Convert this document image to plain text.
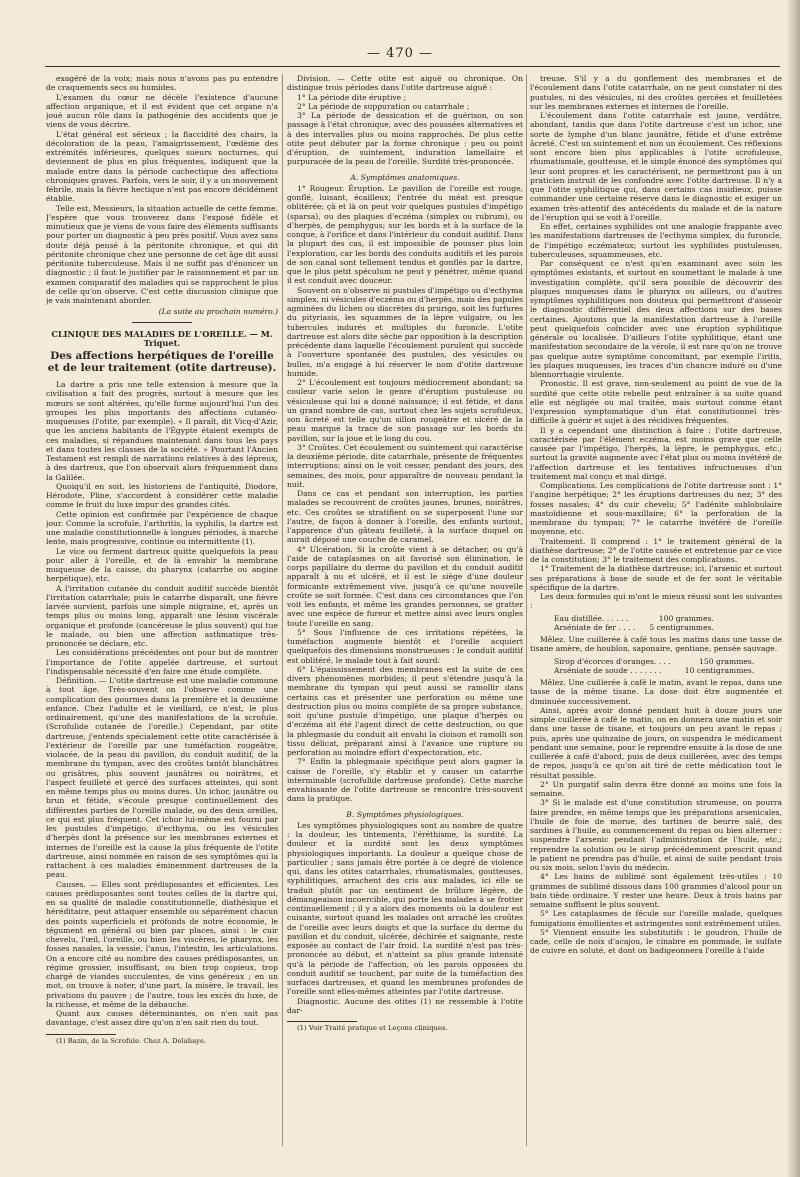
— 470 —

exagéré de la voix; mais nous n'avons pas pu entendre de craquements secs ou humides.

L'examen du cœur ne décèle l'existence d'aucune affection organique, et il est évident que cet organe n'a joué aucun rôle dans la pathogénie des accidents que je viens de vous décrire.

L'état général est sérieux ; la flaccidité des chairs, la décoloration de la peau, l'amaigrissement, l'œdème des extrémités inférieures, quelques sueurs nocturnes, qui deviennent de plus en plus fréquentes, indiquent que la malade entre dans la période cachectique des affections chroniques graves. Parfois, vers le soir, il y a un mouvement fébrile, mais la fièvre hectique n'est pas encore décidément établie.

Telle est, Messieurs, la situation actuelle de cette femme. J'espère que vous trouverez dans l'exposé fidèle et minutieux que je viens de vous faire des éléments suffisants pour porter un diagnostic à peu près positif. Vous avez sans doute déjà pensé à la péritonite chronique, et qui dit péritonite chronique chez une personne de cet âge dit aussi péritonite tuberculeuse. Mais il ne suffit pas d'énoncer un diagnostic ; il faut le justifier par le raisonnement et par un examen comparatif des maladies qui se rapprochent le plus de celle qu'on observe. C'est cette discussion clinique que je vais maintenant aborder.

(La suite au prochain numéro.)
CLINIQUE DES MALADIES DE L'OREILLE. — M. Triquet.
Des affections herpétiques de l'oreille et de leur traitement (otite dartreuse).

La dartre a pris une telle extension à mesure que la civilisation a fait des progrès, surtout à mesure que les mœurs se sont altérées, qu'elle forme aujourd'hui l'un des groupes les plus importants des affections cutanéo-muqueuses (l'otite, par exemple). « Il paraît, dit Vicq-d'Azir, que les anciens habitants de l'Égypte étaient exempts de ces maladies, si répandues maintenant dans tous les pays et dans toutes les classes de la société. » Pourtant l'Ancien Testament est rempli de narrations relatives à des lépreux, à des dartreux, que l'on observait alors fréquemment dans la Galilée.

Quoiqu'il en soit, les historiens de l'antiquité, Diodore, Hérodote, Pline, s'accordent à considérer cette maladie comme le fruit du luxe impur des grandes cités.

Cette opinion est confirmée par l'expérience de chaque jour. Comme la scrofule, l'arthritis, la syphilis, la dartre est une maladie constitutionnelle à longues périodes, à marche lente, mais progressive, continue ou intermittente (1).

Le vice ou ferment dartreux quitte quelquefois la peau pour aller à l'oreille, et de là envahir la membrane muqueuse de la caisse, du pharynx (catarrhe ou angine herpétique), etc.

A l'irritation cutanée du conduit auditif succède bientôt l'irritation catarrhale; puis le catarrhe disparaît, une fièvre larvée survient, parfois une simple migraine, et, après un temps plus ou moins long, apparaît une lésion viscérale organique et profonde (cancéreuse le plus souvent) qui tue le malade, ou bien une affection asthmatique très-prononcée se déclare, etc.

Les considérations précédentes ont pour but de montrer l'importance de l'otite appelée dartreuse, et surtout l'indispensable nécessité d'en faire une étude complète.

Définition. — L'otite dartreuse est une maladie commune à tout âge. Très-souvent on l'observe comme une complication des gourmes dans la première et la deuxième enfance. Chez l'adulte et le vieillard, ce n'est, le plus ordinairement, qu'une des manifestations de la scrofule. (Scrofulide cutanée de l'oreille.) Cependant, par otite dartreuse, j'entends spécialement cette otite caractérisée à l'extérieur de l'oreille par une tuméfaction rougeâtre, violacée, de la peau du pavillon, du conduit auditif, de la membrane du tympan, avec des croûtes tantôt blanchâtres ou grisâtres, plus souvent jaunâtres ou noirâtres, et l'aspect feuilleté et gercé des surfaces atteintes, qui sont en même temps plus ou moins dures. Un ichor, jaunâtre ou brun et fétide, s'écoule presque continuellement des différentes parties de l'oreille malade, ou des deux oreilles, ce qui est plus fréquent. Cet ichor lui-même est fourni par les pustules d'impétigo, d'ecthyma, ou les vésicules d'herpès dont la présence sur les membranes externes et internes de l'oreille est la cause la plus fréquente de l'otite dartreuse, ainsi nommée en raison de ses symptômes qui la rattachent à ces maladies éminemment dartreuses de la peau.

Causes. — Elles sont prédisposantes et efficientes. Les causes prédisposantes sont toutes celles de la dartre qui, en sa qualité de maladie constitutionnelle, diathésique et héréditaire, peut attaquer ensemble ou séparément chacun des points superficiels et profonds de notre économie, le tégument en général ou bien par places, ainsi : le cuir chevelu, l'œil, l'oreille, ou bien les viscères, le pharynx, les fosses nasales, la vessie, l'anus, l'intestin, les articulations. On a encore cité au nombre des causes prédisposantes, un régime grossier, insuffisant, ou bien trop copieux, trop chargé de viandes succulentes, de vins généreux ; en un mot, on trouve à noter, d'une part, la misère, le travail, les privations du pauvre ; de l'autre, tous les excès du luxe, de la richesse, et même de la débauche.

Quant aux causes déterminantes, on n'en sait pas davantage, c'est assez dire qu'on n'en sait rien du tout.

(1) Bazin, de la Scrofule. Chez A. Delahaye.

Division. — Cette otite est aiguë ou chronique. On distingue trois périodes dans l'otite dartreuse aiguë :

1° La période dite éruptive ;

2° La période de suppuration ou catarrhale ;

3° La période de dessication et de guérison, ou son passage à l'état chronique, avec des poussées alternatives et à des intervalles plus ou moins rapprochés. De plus cette otite peut débuter par la forme chronique : peu ou point d'éruption, de suintement, induration lamellaire et purpuracée de la peau de l'oreille. Surdité très-prononcée.

A. Symptômes anatomiques.

1° Rougeur. Éruption. Le pavillon de l'oreille est rouge, gonflé, luisant, écailleux; l'entrée du méat est presque oblitérée; çà et là on peut voir quelques pustules d'impétigo (sparsa), ou des plaques d'eczéma (simplex ou rubrum), ou d'herpès, de pemphygus; sur les bords et à la surface de la conque, à l'orifice et dans l'intérieur du conduit auditif. Dans la plupart des cas, il est impossible de pousser plus loin l'exploration, car les bords des conduits auditifs et les parois de son canal sont tellement tendus et gonflés par la dartre, que le plus petit spéculum ne peut y pénétrer, même quand il est conduit avec douceur.

Souvent on n'observe ni pustules d'impétigo ou d'ecthyma simplex, ni vésicules d'eczéma ou d'herpès, mais des papules agminées du lichen ou discrètes du prurigo, soit les furfures du pityriasis, les squammes de la lèpre vulgaire, ou les tubercules indurés et multiples du furoncle. L'otite dartreuse est alors dite sèche par opposition à la description précédente dans laquelle l'écoulement purulent qui succède à l'ouverture spontanée des pustules, des vésicules ou bulles, m'a engagé à lui réserver le nom d'otite dartreuse humide.

2° L'écoulement est toujours médiocrement abondant; sa couleur varie selon le genre d'éruption pustuleuse ou vésiculeuse qui lui a donné naissance; il est fétide, et dans un grand nombre de cas, surtout chez les sujets scrofuleux, son âcreté est telle qu'un sillon rougeâtre et ulcéré de la peau marque la trace de son passage sur les bords du pavillon, sur la joue et le long du cou.

3° Croûtes. Cet écoulement ou suintement qui caractérise la deuxième période, dite catarrhale, présente de fréquentes interruptions; ainsi on le voit cesser, pendant des jours, des semaines, des mois, pour apparaître de nouveau pendant la nuit.

Dans ce cas et pendant son interruption, les parties malades se recouvrent de croûtes jaunes, brunes, noirâtres, etc. Ces croûtes se stratifient ou se superposent l'une sur l'autre, de façon à donner à l'oreille, des enfants surtout, l'apparence d'un gâteau feuilleté, à la surface duquel on aurait déposé une couche de caramel.

4° Ulcération. Si la croûte vient à se détacher, ou qu'à l'aide de cataplasmes on ait favorisé son élimination, le corps papillaire du derme du pavillon et du conduit auditif apparaît à nu et ulcéré, et il est le siège d'une douleur formicante extrêmement vive, jusqu'à ce qu'une nouvelle croûte se soit formée. C'est dans ces circonstances que l'on voit les enfants, et même les grandes personnes, se gratter avec une espèce de fureur et mettre ainsi avec leurs ongles toute l'oreille en sang.

5° Sous l'influence de ces irritations répétées, la tuméfaction augmente bientôt et l'oreille acquiert quelquefois des dimensions monstrueuses : le conduit auditif est oblitéré, le malade tout à fait sourd.

6° L'épaississement des membranes est la suite de ces divers phénomènes morbides; il peut s'étendre jusqu'à la membrane du tympan qui peut aussi se ramollir dans certains cas et présenter une perforation ou même une destruction plus ou moins complète de sa propre substance, soit qu'une pustule d'impétigo, une plaque d'herpès ou d'eczéma ait été l'agent direct de cette destruction, ou que la phlegmasie du conduit ait envahi la cloison et ramolli son tissu délicat, préparant ainsi à l'avance une rupture ou perforation au moindre effort d'expectoration, etc.

7° Enfin la phlegmasie spécifique peut alors gagner la caisse de l'oreille, s'y établir et y causer un catarrhe interminable (scrofulide dartreuse profonde). Cette marche envahissante de l'otite dartreuse se rencontre très-souvent dans la pratique.

B. Symptômes physiologiques.

Les symptômes physiologiques sont au nombre de quatre : la douleur, les tintements, l'éréthisme, la surdité. La douleur et la surdité sont les deux symptômes physiologiques importants. La douleur a quelque chose de particulier ; sans jamais être portée à ce degré de violence qui, dans les otites catarrhales, rhumatismales, goutteuses, syphilitiques, arrachent des cris aux malades, ici elle se traduit plutôt par un sentiment de brûlure légère, de démangeaison incoercible, qui porte les malades à se frotter continuellement ; il y a alors des moments où la douleur est cuisante, surtout quand les malades ont arraché les croûtes de l'oreille avec leurs doigts et que la surface du derme du pavillon et du conduit, ulcérée, déchirée et saignante, reste exposée au contact de l'air froid. La surdité n'est pas très-prononcée au début, et n'atteint sa plus grande intensité qu'à la période de l'affection, où les parois opposées du conduit auditif se touchent, par suite de la tuméfaction des surfaces dartreuses, et quand les membranes profondes de l'oreille sont elles-mêmes atteintes par l'otite dartreuse.

Diagnostic. Aucune des otites (1) ne ressemble à l'otite dar-

(1) Voir Traité pratique et Leçons cliniques.

treuse. S'il y a du gonflement des membranes et de l'écoulement dans l'otite catarrhale, on ne peut constater ni des pustules, ni des vésicules, ni des croûtes gercées et feuilletées sur les membranes externes et internes de l'oreille.

L'écoulement dans l'otite catarrhale est jaune, verdâtre, abondant, tandis que dans l'otite dartreuse c'est un ichor, une sorte de lymphe d'un blanc jaunâtre, fétide et d'une extrême âcreté. C'est un suintement et non un écoulement. Ces réflexions sont encore bien plus applicables à l'otite scrofuleuse, rhumatismale, goutteuse, et le simple énoncé des symptômes qui leur sont propres et les caractérisent, ne permettront pas à un praticien instruit de les confondre avec l'otite dartreuse. Il n'y a que l'otite syphilitique qui, dans certains cas insidieux, puisse commander une certaine réserve dans le diagnostic et exiger un examen très-attentif des antécédents du malade et de la nature de l'éruption qui se voit à l'oreille.

En effet, certaines syphilides ont une analogie frappante avec les manifestations dartreuses de l'ecthyma simplex, du furoncle, de l'impétigo eczémateux; surtout les syphilides pustuleuses, tuberculeuses, squammeuses, etc.

Par conséquent ce n'est qu'en examinant avec soin les symptômes existants, et surtout en soumettant le malade à une investigation complète, qu'il sera possible de découvrir des plaques muqueuses dans le pharynx ou ailleurs, ou d'autres symptômes syphilitiques non douteux qui permettront d'asseoir le diagnostic différentiel des deux affections sur des bases certaines. Ajoutons que la manifestation dartreuse à l'oreille peut quelquefois coïncider avec une éruption syphilitique générale ou localisée. D'ailleurs l'otite syphilitique, étant une manifestation secondaire de la vérole, il est rare qu'on ne trouve pas quelque autre symptôme concomitant, par exemple l'iritis, les plaques muqueuses, les traces d'un chancre induré ou d'une blennorrhagie virulente.

Pronostic. Il est grave, non-seulement au point de vue de la surdité que cette otite rebelle peut entraîner à sa suite quand elle est négligée ou mal traitée, mais surtout comme étant l'expression symptomatique d'un état constitutionnel très-difficile à guérir et sujet à des récidives fréquentes.

Il y a cependant une distinction à faire : l'otite dartreuse, caractérisée par l'élément eczéma, est moins grave que celle causée par l'impétigo, l'herpès, la lèpre, le pemphygus, etc.; surtout la gravité augmente avec l'état plus ou moins invétéré de l'affection dartreuse et les tentatives infructueuses d'un traitement mal conçu et mal dirigé.

Complications. Les complications de l'otite dartreuse sont : 1° l'angine herpétique; 2° les éruptions dartreuses du nez; 3° des fosses nasales; 4° du cuir chevelu; 5° l'adénite sublobulaire mastoïdienne et sous-maxillaire; 6° la perforation de la membrane du tympan; 7° le catarrhe invétéré de l'oreille moyenne, etc.

Traitement. Il comprend : 1° le traitement général de la diathèse dartreuse; 2° de l'otite causée et entretenue par ce vice de la constitution; 3° le traitement des complications.

1° Traitement de la diathèse dartreuse; ici, l'arsenic et surtout ses préparations à base de soude et de fer sont le véritable spécifique de la dartre.

Les deux formules qui m'ont le mieux réussi sont les suivantes :

Eau distillée. . . . . .	100 grammes.
Arséniate de fer . . . .	5 centigrammes.

Mêlez. Une cuillerée à café tous les matins dans une tasse de tisane amère, de houblon, saponaire, gentiane, pensée sauvage.

Sirop d'écorces d'oranges. . . .	150 grammes.
Arséniate de soude . . . . . . .	10 centigrammes.

Mêlez. Une cuillerée à café le matin, avant le repas, dans une tasse de la même tisane. La dose doit être augmentée et diminuée successivement.

Ainsi, après avoir donné pendant huit à douze jours une simple cuillerée à café le matin, on en donnera une matin et soir dans une tasse de tisane, et toujours un peu avant le repas ; puis, après une quinzaine de jours, on suspendra le médicament pendant une semaine, pour le reprendre ensuite à la dose de une cuillerée à café d'abord, puis de deux cuillerées, avec des temps de repos, jusqu'à ce qu'on ait tiré de cette médication tout le résultat possible.

2° Un purgatif salin devra être donné au moins une fois la semaine.

3° Si le malade est d'une constitution strumeuse, on pourra faire prendre, en même temps que les préparations arsenicales, l'huile de foie de morue, des tartines de beurre salé, des sardines à l'huile, au commencement du repas ou bien alterner : suspendre l'arsenic pendant l'administration de l'huile, etc.; reprendre la solution ou le sirop précédemment prescrit quand le patient ne prendra pas d'huile, et ainsi de suite pendant trois ou six mois, selon l'avis du médecin.

4° Les bains de sublimé sont également très-utiles : 10 grammes de sublimé dissous dans 100 grammes d'alcool pour un bain tiède ordinaire. Y rester une heure. Deux à trois bains par semaine suffisent le plus souvent.

5° Les cataplasmes de fécule sur l'oreille malade, quelques fumigations émollientes et astringentes sont extrêmement utiles.

5° Viennent ensuite les substitutifs : le goudron, l'huile de cade, celle de noix d'acajou, le cinabre en pommade, le sulfate de cuivre en soluté, et dont on badigeonnera l'oreille à l'aide
